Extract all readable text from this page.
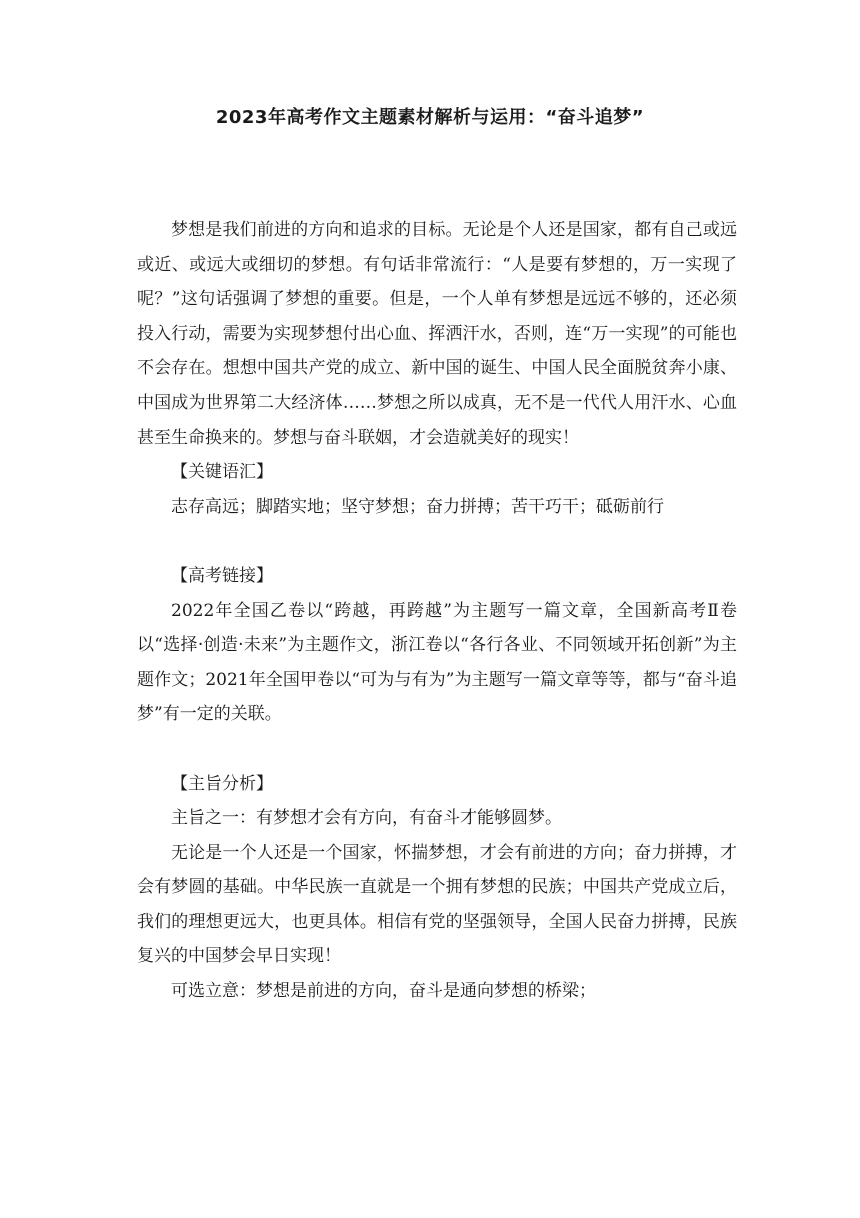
2023年高考作文主题素材解析与运用：“奋斗追梦”

梦想是我们前进的方向和追求的目标。无论是个人还是国家，都有自己或远或近、或远大或细切的梦想。有句话非常流行：“人是要有梦想的，万一实现了呢？”这句话强调了梦想的重要。但是，一个人单有梦想是远远不够的，还必须投入行动，需要为实现梦想付出心血、挥洒汗水，否则，连“万一实现”的可能也不会存在。想想中国共产党的成立、新中国的诞生、中国人民全面脱贫奔小康、中国成为世界第二大经济体……梦想之所以成真，无不是一代代人用汗水、心血甚至生命换来的。梦想与奋斗联姻，才会造就美好的现实！

【关键语汇】

志存高远；脚踏实地；坚守梦想；奋力拼搏；苦干巧干；砥砺前行

【高考链接】

2022年全国乙卷以“跨越，再跨越”为主题写一篇文章，全国新高考Ⅱ卷以“选择·创造·未来”为主题作文，浙江卷以“各行各业、不同领域开拓创新”为主题作文；2021年全国甲卷以“可为与有为”为主题写一篇文章等等，都与“奋斗追梦”有一定的关联。

【主旨分析】

主旨之一：有梦想才会有方向，有奋斗才能够圆梦。

无论是一个人还是一个国家，怀揣梦想，才会有前进的方向；奋力拼搏，才会有梦圆的基础。中华民族一直就是一个拥有梦想的民族；中国共产党成立后，我们的理想更远大，也更具体。相信有党的坚强领导，全国人民奋力拼搏，民族复兴的中国梦会早日实现！

可选立意：梦想是前进的方向，奋斗是通向梦想的桥梁；
